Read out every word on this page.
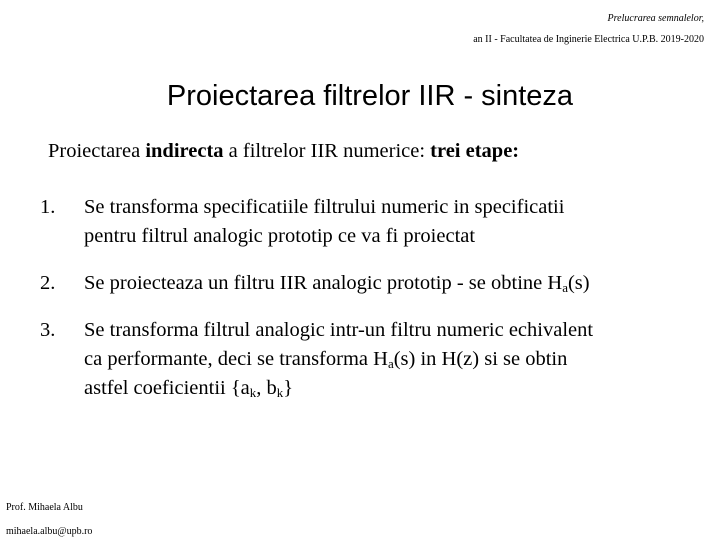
Prelucrarea semnalelor,
an II - Facultatea de Inginerie Electrica U.P.B. 2019-2020
Proiectarea filtrelor IIR - sinteza
Proiectarea indirecta a filtrelor IIR numerice: trei etape:
1. Se transforma specificatiile filtrului numeric in specificatii
pentru filtrul analogic prototip ce va fi proiectat
2. Se proiecteaza un filtru IIR analogic prototip - se obtine $H_a(s)$
3. Se transforma filtrul analogic intr-un filtru numeric echivalent
ca performante, deci se transforma $H_a(s)$ in H(z) si se obtin
astfel coeficientii {$a_k$, $b_k$}
Prof. Mihaela Albu
mihaela.albu@upb.ro
